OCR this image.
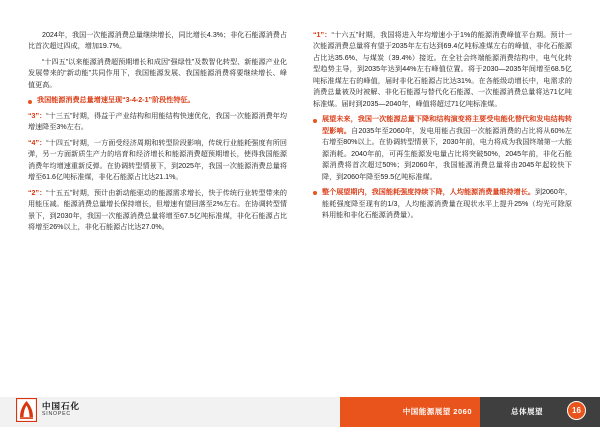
2024年，我国一次能源消费总量继续增长，同比增长4.3%；非化石能源消费占比首次超过四成，增加19.7%。

“十四五”以来能源消费超预期增长和成因“强绿性”及数智化转型、新能源产业化发展带来的“新动能”共同作用下，我国能源发展、我国能源消费将要继续增长、峰值更高。

我国能源消费总量增速呈现“3-4-2-1”阶段性特征。

“3”：“十三五”时期，得益于产业结构和用能结构快速优化，我国一次能源消费年均增速降至3%左右。

“4”：“十四五”时期，一方面受经济周期和转型阶段影响，传统行业能耗强度有所回弹，另一方面新质生产力的培育和经济增长和能源消费超预期增长，使得我国能源消费年均增速重新反弹。在协调转型情景下，到2025年，我国一次能源消费总量将增至61.6亿吨标准煤，非化石能源占比达21.1%。

“2”：“十五五”时期，预计由新动能驱动的能源需求增长，快于传统行业转型带来的用能压减。能源消费总量增长保持增长，但增速有望回落至2%左右。在协调转型情景下，到2030年，我国一次能源消费总量将增至67.5亿吨标准煤，非化石能源占比将增至26%以上，非化石能源占比达27.0%。

“1”：“十六五”时期，我国将进入年均增速小于1%的能源消费峰值平台期。预计一次能源消费总量将有望于2035年左右达到69.4亿吨标准煤左右的峰值，非化石能源占比达35.6%、与煤炭（39.4%）接近。在全社会终端能源消费结构中，电气化转型趋势主导，到2035年达到44%左右峰值位置。将于2030—2035年间增至68.5亿吨标准煤左右的峰值，届时非化石能源占比达31%。在各能级动增长中，电需求的消费总量被及时被解、非化石能源与替代化石能源、一次能源消费总量将达71亿吨标准煤。届时到2035—2040年，峰值将超过71亿吨标准煤。

展望未来，我国一次能源总量下降和结构演变将主要受电能化替代和发电结构转型影响。自2035年至2060年，发电用能占我国一次能源消费的占比将从60%左右增至80%以上。在协调转型情景下，2030年前，电力将成为我国终端第一大能源消耗。2040年前，可再生能源发电量占比将突破50%，2045年前，非化石能源消费将首次超过50%；到2060年，我国能源消费总量将由2045年起较快下降，到2060年降至59.5亿吨标准煤。
整个展望期内，我国能耗强度持续下降，人均能源消费量维持增长。到2060年，能耗强度降至现有的1/3，人均能源消费量在现状水平上提升25%（均光可除原料用能和非化石能源消费量）。
中国能源展望 2060	总体展望	16
中国石化
SINOPEC
